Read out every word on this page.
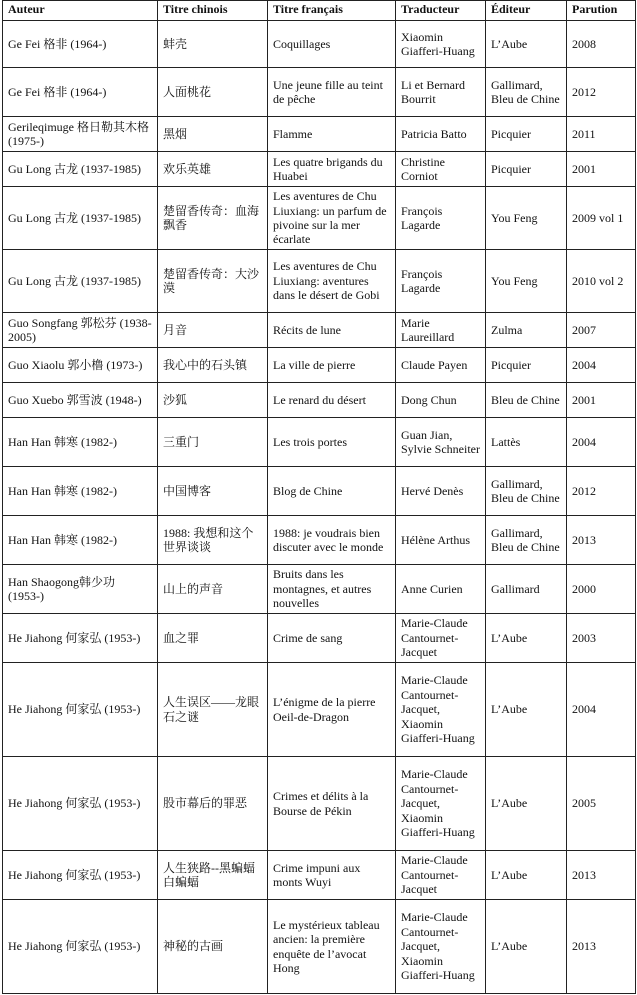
Auteur	Titre chinois	Titre français	Traducteur	Éditeur	Parution
Ge Fei 格非 (1964-)	蚌壳	Coquillages	Xiaomin Giafferi-Huang	L’Aube	2008
Ge Fei 格非 (1964-)	人面桃花	Une jeune fille au teint de pêche	Li et Bernard Bourrit	Gallimard, Bleu de Chine	2012
Gerileqimuge 格日勒其木格 (1975-)	黑烟	Flamme	Patricia Batto	Picquier	2011
Gu Long 古龙 (1937-1985)	欢乐英雄	Les quatre brigands du Huabei	Christine Corniot	Picquier	2001
Gu Long 古龙 (1937-1985)	楚留香传奇：血海飘香	Les aventures de Chu Liuxiang: un parfum de pivoine sur la mer écarlate	François Lagarde	You Feng	2009 vol 1
Gu Long 古龙 (1937-1985)	楚留香传奇：大沙漠	Les aventures de Chu Liuxiang: aventures dans le désert de Gobi	François Lagarde	You Feng	2010 vol 2
Guo Songfang 郭松芬 (1938-2005)	月音	Récits de lune	Marie Laureillard	Zulma	2007
Guo Xiaolu 郭小橹 (1973-)	我心中的石头镇	La ville de pierre	Claude Payen	Picquier	2004
Guo Xuebo 郭雪波 (1948-)	沙狐	Le renard du désert	Dong Chun	Bleu de Chine	2001
Han Han 韩寒 (1982-)	三重门	Les trois portes	Guan Jian, Sylvie Schneiter	Lattès	2004
Han Han 韩寒 (1982-)	中国博客	Blog de Chine	Hervé Denès	Gallimard, Bleu de Chine	2012
Han Han 韩寒 (1982-)	1988: 我想和这个世界谈谈	1988: je voudrais bien discuter avec le monde	Hélène Arthus	Gallimard, Bleu de Chine	2013
Han Shaogong韩少功 (1953-)	山上的声音	Bruits dans les montagnes, et autres nouvelles	Anne Curien	Gallimard	2000
He Jiahong 何家弘 (1953-)	血之罪	Crime de sang	Marie-Claude Cantournet-Jacquet	L’Aube	2003
He Jiahong 何家弘 (1953-)	人生误区——龙眼石之谜	L’énigme de la pierre Oeil-de-Dragon	Marie-Claude Cantournet-Jacquet, Xiaomin Giafferi-Huang	L’Aube	2004
He Jiahong 何家弘 (1953-)	股市幕后的罪恶	Crimes et délits à la Bourse de Pékin	Marie-Claude Cantournet-Jacquet, Xiaomin Giafferi-Huang	L’Aube	2005
He Jiahong 何家弘 (1953-)	人生狭路--黑蝙蝠白蝙蝠	Crime impuni aux monts Wuyi	Marie-Claude Cantournet-Jacquet	L’Aube	2013
He Jiahong 何家弘 (1953-)	神秘的古画	Le mystérieux tableau ancien: la première enquête de l’avocat Hong	Marie-Claude Cantournet-Jacquet, Xiaomin Giafferi-Huang	L’Aube	2013
